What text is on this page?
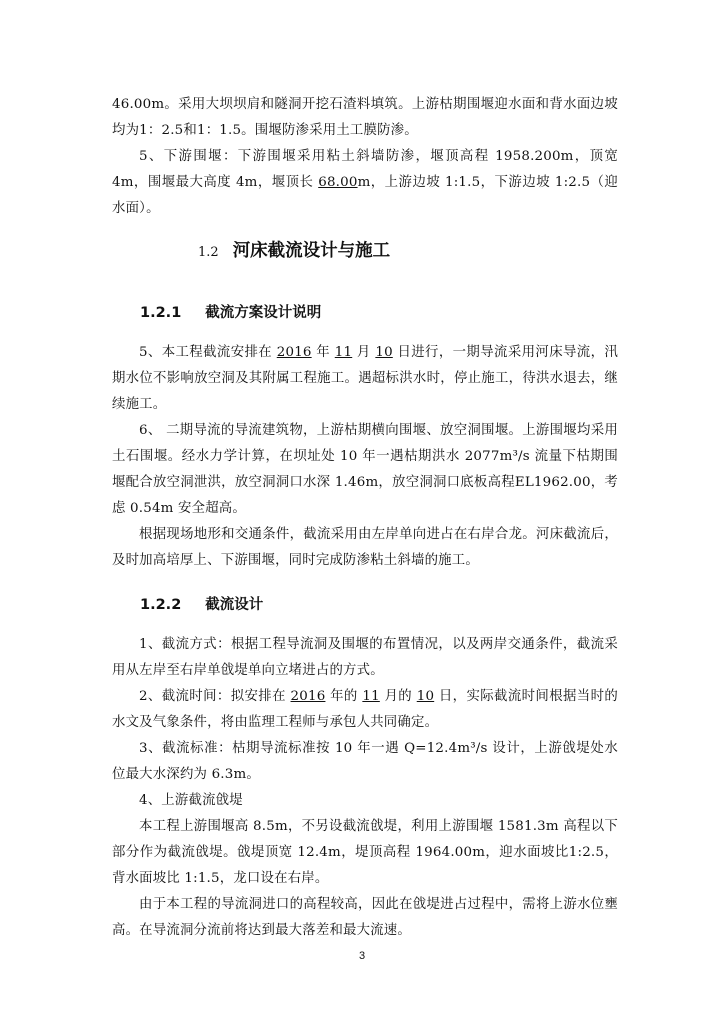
46.00m。采用大坝坝肩和隧洞开挖石渣料填筑。上游枯期围堰迎水面和背水面边坡均为1：2.5和1：1.5。围堰防渗采用土工膜防渗。

5、下游围堰：下游围堰采用粘土斜墙防渗，堰顶高程 1958.200m，顶宽 4m，围堰最大高度 4m，堰顶长 68.00m，上游边坡 1:1.5，下游边坡 1:2.5（迎水面）。

1.2 河床截流设计与施工
1.2.1 截流方案设计说明

5、本工程截流安排在 2016 年 11 月 10 日进行，一期导流采用河床导流，汛期水位不影响放空洞及其附属工程施工。遇超标洪水时，停止施工，待洪水退去，继续施工。

6、 二期导流的导流建筑物，上游枯期横向围堰、放空洞围堰。上游围堰均采用土石围堰。经水力学计算，在坝址处 10 年一遇枯期洪水 2077m³/s 流量下枯期围堰配合放空洞泄洪，放空洞洞口水深 1.46m，放空洞洞口底板高程EL1962.00，考虑 0.54m 安全超高。

根据现场地形和交通条件，截流采用由左岸单向进占在右岸合龙。河床截流后，及时加高培厚上、下游围堰，同时完成防渗粘土斜墙的施工。

1.2.2 截流设计

1、截流方式：根据工程导流洞及围堰的布置情况，以及两岸交通条件，截流采用从左岸至右岸单戗堤单向立堵进占的方式。

2、截流时间：拟安排在 2016 年的 11 月的 10 日，实际截流时间根据当时的水文及气象条件，将由监理工程师与承包人共同确定。

3、截流标准：枯期导流标准按 10 年一遇 Q=12.4m³/s 设计，上游戗堤处水位最大水深约为 6.3m。

4、上游截流戗堤

本工程上游围堰高 8.5m，不另设截流戗堤，利用上游围堰 1581.3m 高程以下部分作为截流戗堤。戗堤顶宽 12.4m，堤顶高程 1964.00m，迎水面坡比1:2.5，背水面坡比 1:1.5，龙口设在右岸。

由于本工程的导流洞进口的高程较高，因此在戗堤进占过程中，需将上游水位壅高。在导流洞分流前将达到最大落差和最大流速。

3
